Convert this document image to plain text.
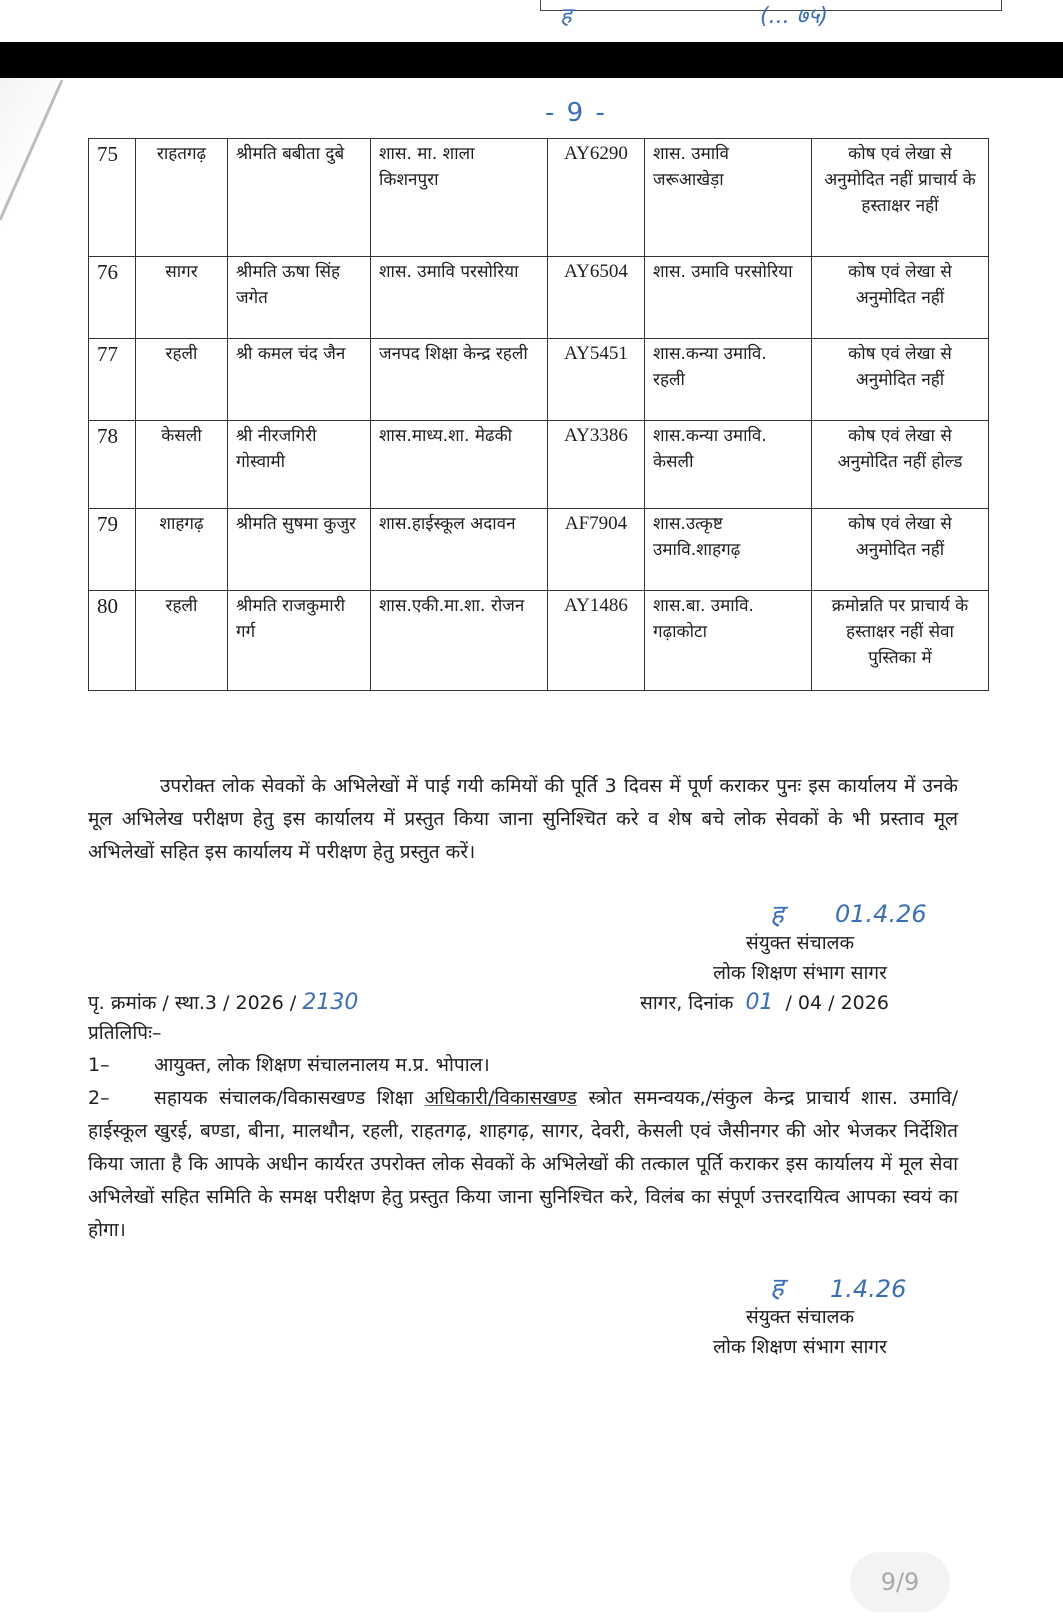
ह	(... ७५)
- 9 -
75	राहतगढ़	श्रीमति बबीता दुबे	शास. मा. शाला किशनपुरा	AY6290	शास. उमावि जरूआखेड़ा	कोष एवं लेखा से अनुमोदित नहीं प्राचार्य के हस्ताक्षर नहीं
76	सागर	श्रीमति ऊषा सिंह जगेत	शास. उमावि परसोरिया	AY6504	शास. उमावि परसोरिया	कोष एवं लेखा से अनुमोदित नहीं
77	रहली	श्री कमल चंद जैन	जनपद शिक्षा केन्द्र रहली	AY5451	शास.कन्या उमावि. रहली	कोष एवं लेखा से अनुमोदित नहीं
78	केसली	श्री नीरजगिरी गोस्वामी	शास.माध्य.शा. मेढकी	AY3386	शास.कन्या उमावि. केसली	कोष एवं लेखा से अनुमोदित नहीं होल्ड
79	शाहगढ़	श्रीमति सुषमा कुजुर	शास.हाईस्कूल अदावन	AF7904	शास.उत्कृष्ट उमावि.शाहगढ़	कोष एवं लेखा से अनुमोदित नहीं
80	रहली	श्रीमति राजकुमारी गर्ग	शास.एकी.मा.शा. रोजन	AY1486	शास.बा. उमावि. गढ़ाकोटा	क्रमोन्नति पर प्राचार्य के हस्ताक्षर नहीं सेवा पुस्तिका में
उपरोक्त लोक सेवकों के अभिलेखों में पाई गयी कमियों की पूर्ति 3 दिवस में पूर्ण कराकर पुनः इस कार्यालय में उनके मूल अभिलेख परीक्षण हेतु इस कार्यालय में प्रस्तुत किया जाना सुनिश्चित करे व शेष बचे लोक सेवकों के भी प्रस्ताव मूल अभिलेखों सहित इस कार्यालय में परीक्षण हेतु प्रस्तुत करें।
ह 01.4.26
संयुक्त संचालक
लोक शिक्षण संभाग सागर
सागर, दिनांक 01 / 04 / 2026
पृ. क्रमांक / स्था.3 / 2026 / 2130
प्रतिलिपिः–
1– आयुक्त, लोक शिक्षण संचालनालय म.प्र. भोपाल।
2– सहायक संचालक/विकासखण्ड शिक्षा अधिकारी/विकासखण्ड स्त्रोत समन्वयक,/संकुल केन्द्र प्राचार्य शास. उमावि/हाईस्कूल खुरई, बण्डा, बीना, मालथौन, रहली, राहतगढ़, शाहगढ़, सागर, देवरी, केसली एवं जैसीनगर की ओर भेजकर निर्देशित किया जाता है कि आपके अधीन कार्यरत उपरोक्त लोक सेवकों के अभिलेखों की तत्काल पूर्ति कराकर इस कार्यालय में मूल सेवा अभिलेखों सहित समिति के समक्ष परीक्षण हेतु प्रस्तुत किया जाना सुनिश्चित करे, विलंब का संपूर्ण उत्तरदायित्व आपका स्वयं का होगा।
ह 1.4.26
संयुक्त संचालक
लोक शिक्षण संभाग सागर
9/9
